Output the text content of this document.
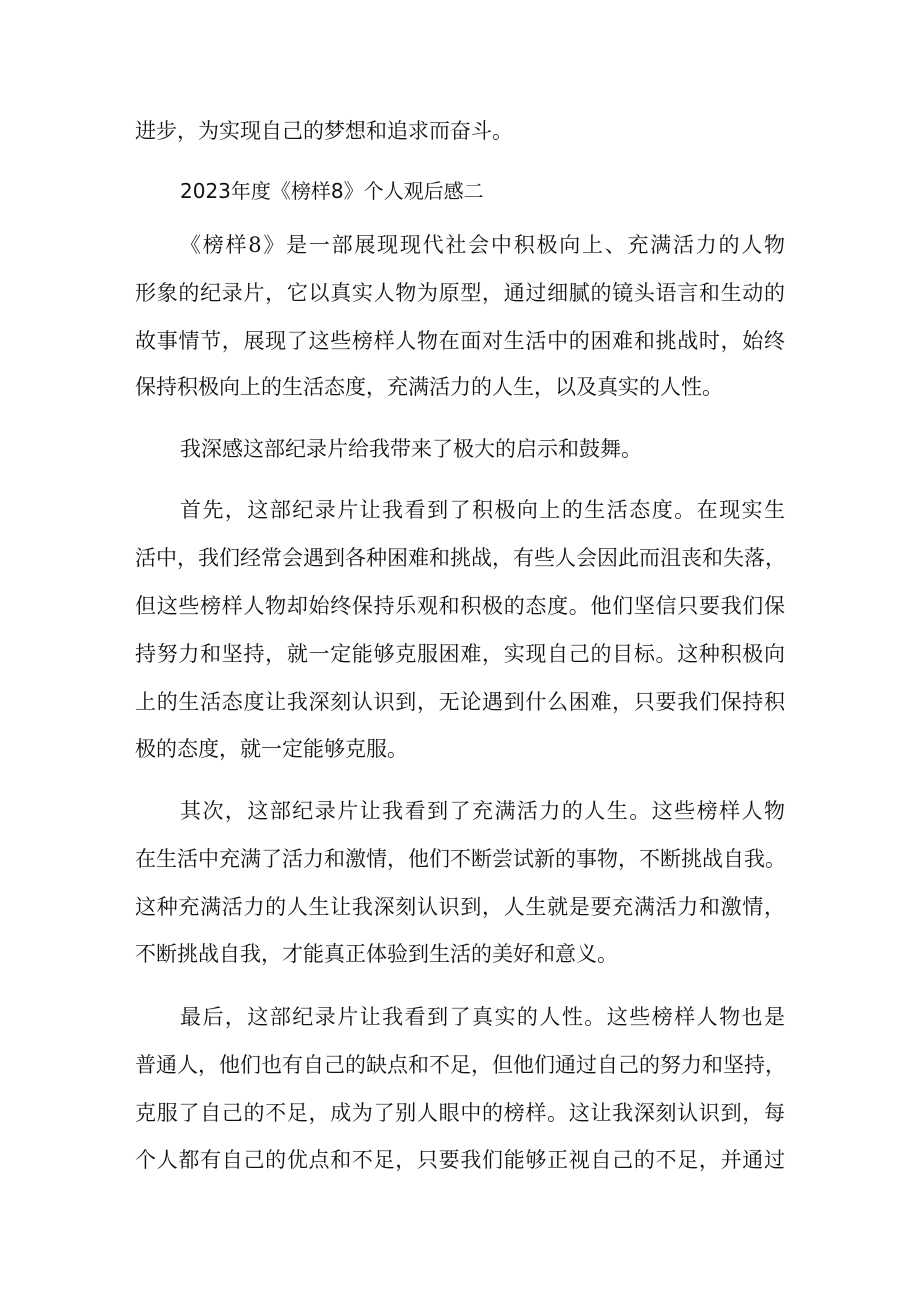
进步，为实现自己的梦想和追求而奋斗。
2023年度《榜样8》个人观后感二
《榜样8》是一部展现现代社会中积极向上、充满活力的人物
形象的纪录片，它以真实人物为原型，通过细腻的镜头语言和生动的
故事情节，展现了这些榜样人物在面对生活中的困难和挑战时，始终
保持积极向上的生活态度，充满活力的人生，以及真实的人性。
我深感这部纪录片给我带来了极大的启示和鼓舞。
首先，这部纪录片让我看到了积极向上的生活态度。在现实生
活中，我们经常会遇到各种困难和挑战，有些人会因此而沮丧和失落，
但这些榜样人物却始终保持乐观和积极的态度。他们坚信只要我们保
持努力和坚持，就一定能够克服困难，实现自己的目标。这种积极向
上的生活态度让我深刻认识到，无论遇到什么困难，只要我们保持积
极的态度，就一定能够克服。
其次，这部纪录片让我看到了充满活力的人生。这些榜样人物
在生活中充满了活力和激情，他们不断尝试新的事物，不断挑战自我。
这种充满活力的人生让我深刻认识到，人生就是要充满活力和激情，
不断挑战自我，才能真正体验到生活的美好和意义。
最后，这部纪录片让我看到了真实的人性。这些榜样人物也是
普通人，他们也有自己的缺点和不足，但他们通过自己的努力和坚持，
克服了自己的不足，成为了别人眼中的榜样。这让我深刻认识到，每
个人都有自己的优点和不足，只要我们能够正视自己的不足，并通过
